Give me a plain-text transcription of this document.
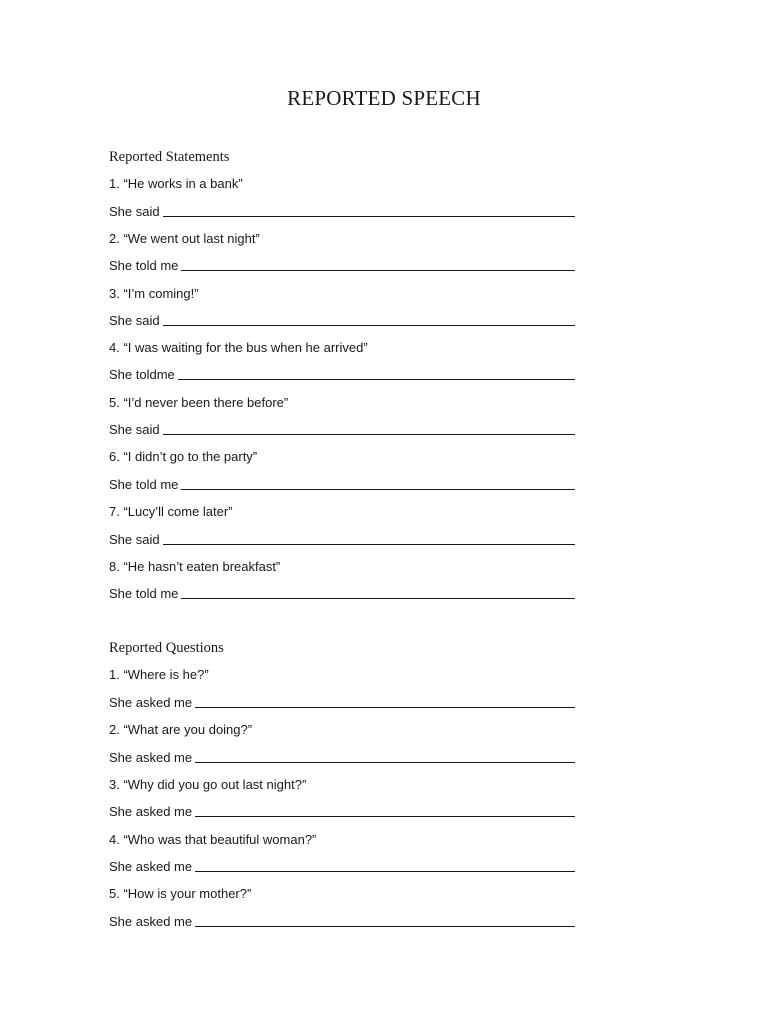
REPORTED SPEECH
Reported Statements
1. “He works in a bank”
She said
2. “We went out last night”
She told me
3. “I’m coming!”
She said
4. “I was waiting for the bus when he arrived”
She toldme
5. “I’d never been there before”
She said
6. “I didn’t go to the party”
She told me
7. “Lucy’ll come later”
She said
8. “He hasn’t eaten breakfast”
She told me
Reported Questions
1. “Where is he?”
She asked me
2. “What are you doing?”
She asked me
3. “Why did you go out last night?”
She asked me
4. “Who was that beautiful woman?”
She asked me
5. “How is your mother?”
She asked me
